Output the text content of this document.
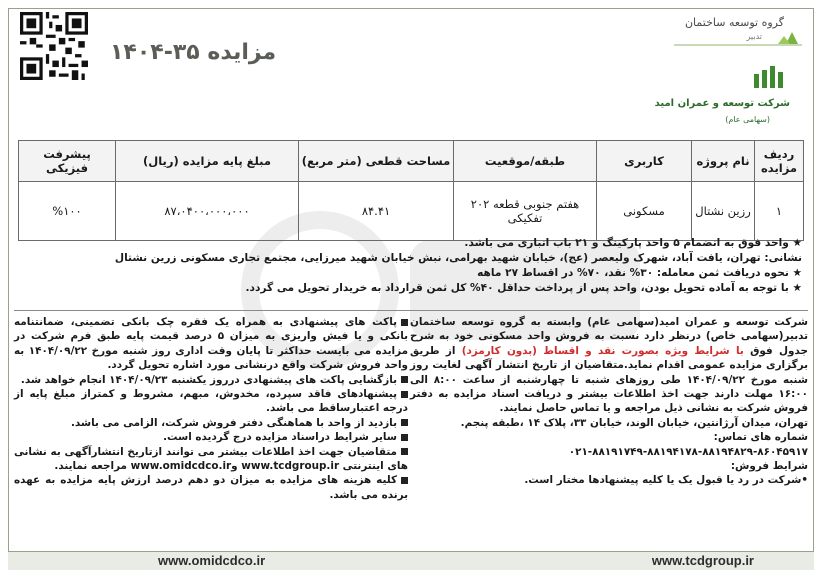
مزایده ۳۵-۱۴۰۴
گروه توسعه ساختمان
تدبیر
شرکت توسعه و عمران امید
(سهامی عام)
ردیف مزایده	نام پروژه	کاربری	طبقه/موقعیت	مساحت قطعی (متر مربع)	مبلغ پایه مزایده (ریال)	پیشرفت فیزیکی
۱	رزین نشتال	مسکونی	هفتم جنوبی قطعه ۲۰۲ تفکیکی	۸۴.۴۱	۸۷،۰۴۰۰،۰۰۰،۰۰۰	%۱۰۰
★ واحد فوق به انضمام ۵ واحد پارکینگ و ۲۱ باب انباری می باشد.
نشانی: تهران، یافت آباد، شهرک ولیعصر (عج)، خیابان شهید بهرامی، نبش خیابان شهید میرزایی، مجتمع تجاری مسکونی زرین نشتال
★ نحوه دریافت ثمن معامله: ۳۰% نقد، ۷۰% در اقساط ۲۷ ماهه
★ با توجه به آماده تحویل بودن، واحد پس از پرداخت حداقل ۴۰% کل ثمن قرارداد به خریدار تحویل می گردد.

شرکت توسعه و عمران امید(سهامی عام) وابسته به گروه توسعه ساختمان تدبیر(سهامی خاص) درنظر دارد نسبت به فروش واحد مسکونی خود به شرح جدول فوق با شرایط ویژه بصورت نقد و اقساط (بدون کارمزد) از طریق برگزاری مزایده عمومی اقدام نماید.متقاضیان از تاریخ انتشار آگهی لغایت روز شنبه مورخ ۱۴۰۴/۰۹/۲۲ طی روزهای شنبه تا چهارشنبه از ساعت ۸:۰۰ الی ۱۶:۰۰ مهلت دارند جهت اخذ اطلاعات بیشتر و دریافت اسناد مزایده به دفتر فروش شرکت به نشانی ذیل مراجعه و یا تماس حاصل نمایند.

تهران، میدان آرژانتین، خیابان الوند، خیابان ۳۳، پلاک ۱۴ ،طبقه پنجم.

شماره های تماس:

۰۲۱-۸۸۱۹۱۷۴۹-۸۸۱۹۴۱۷۸-۸۸۱۹۴۸۲۹-۸۶۰۴۵۹۱۷

شرایط فروش:

•شرکت در رد یا قبول یک یا کلیه پیشنهادها مختار است.

پاکت های پیشنهادی به همراه یک فقره چک بانکی تضمینی، ضمانتنامه بانکی و یا فیش واریزی به میزان ۵ درصد قیمت پایه طبق فرم شرکت در مزایده می بایست حداکثر تا پایان وقت اداری روز شنبه مورخ ۱۴۰۴/۰۹/۲۲ به واحد فروش شرکت واقع درنشانی مورد اشاره تحویل گردد.

بازگشایی پاکت های پیشنهادی درروز یکشنبه ۱۴۰۴/۰۹/۲۳ انجام خواهد شد.

پیشنهادهای فاقد سپرده، مخدوش، مبهم، مشروط و کمتراز مبلغ پایه از درجه اعتبارساقط می باشد.

بازدید از واحد با هماهنگی دفتر فروش شرکت، الزامی می باشد.

سایر شرایط دراسناد مزایده درج گردیده است.

متقاضیان جهت اخذ اطلاعات بیشتر می توانند ازتاریخ انتشارآگهی به نشانی های اینترنتی www.tcdgroup.ir وwww.omidcdco.ir مراجعه نمایند.

کلیه هزینه های مزایده به میزان دو دهم درصد ارزش پایه مزایده به عهده برنده می باشد.

www.omidcdco.ir	www.tcdgroup.ir
